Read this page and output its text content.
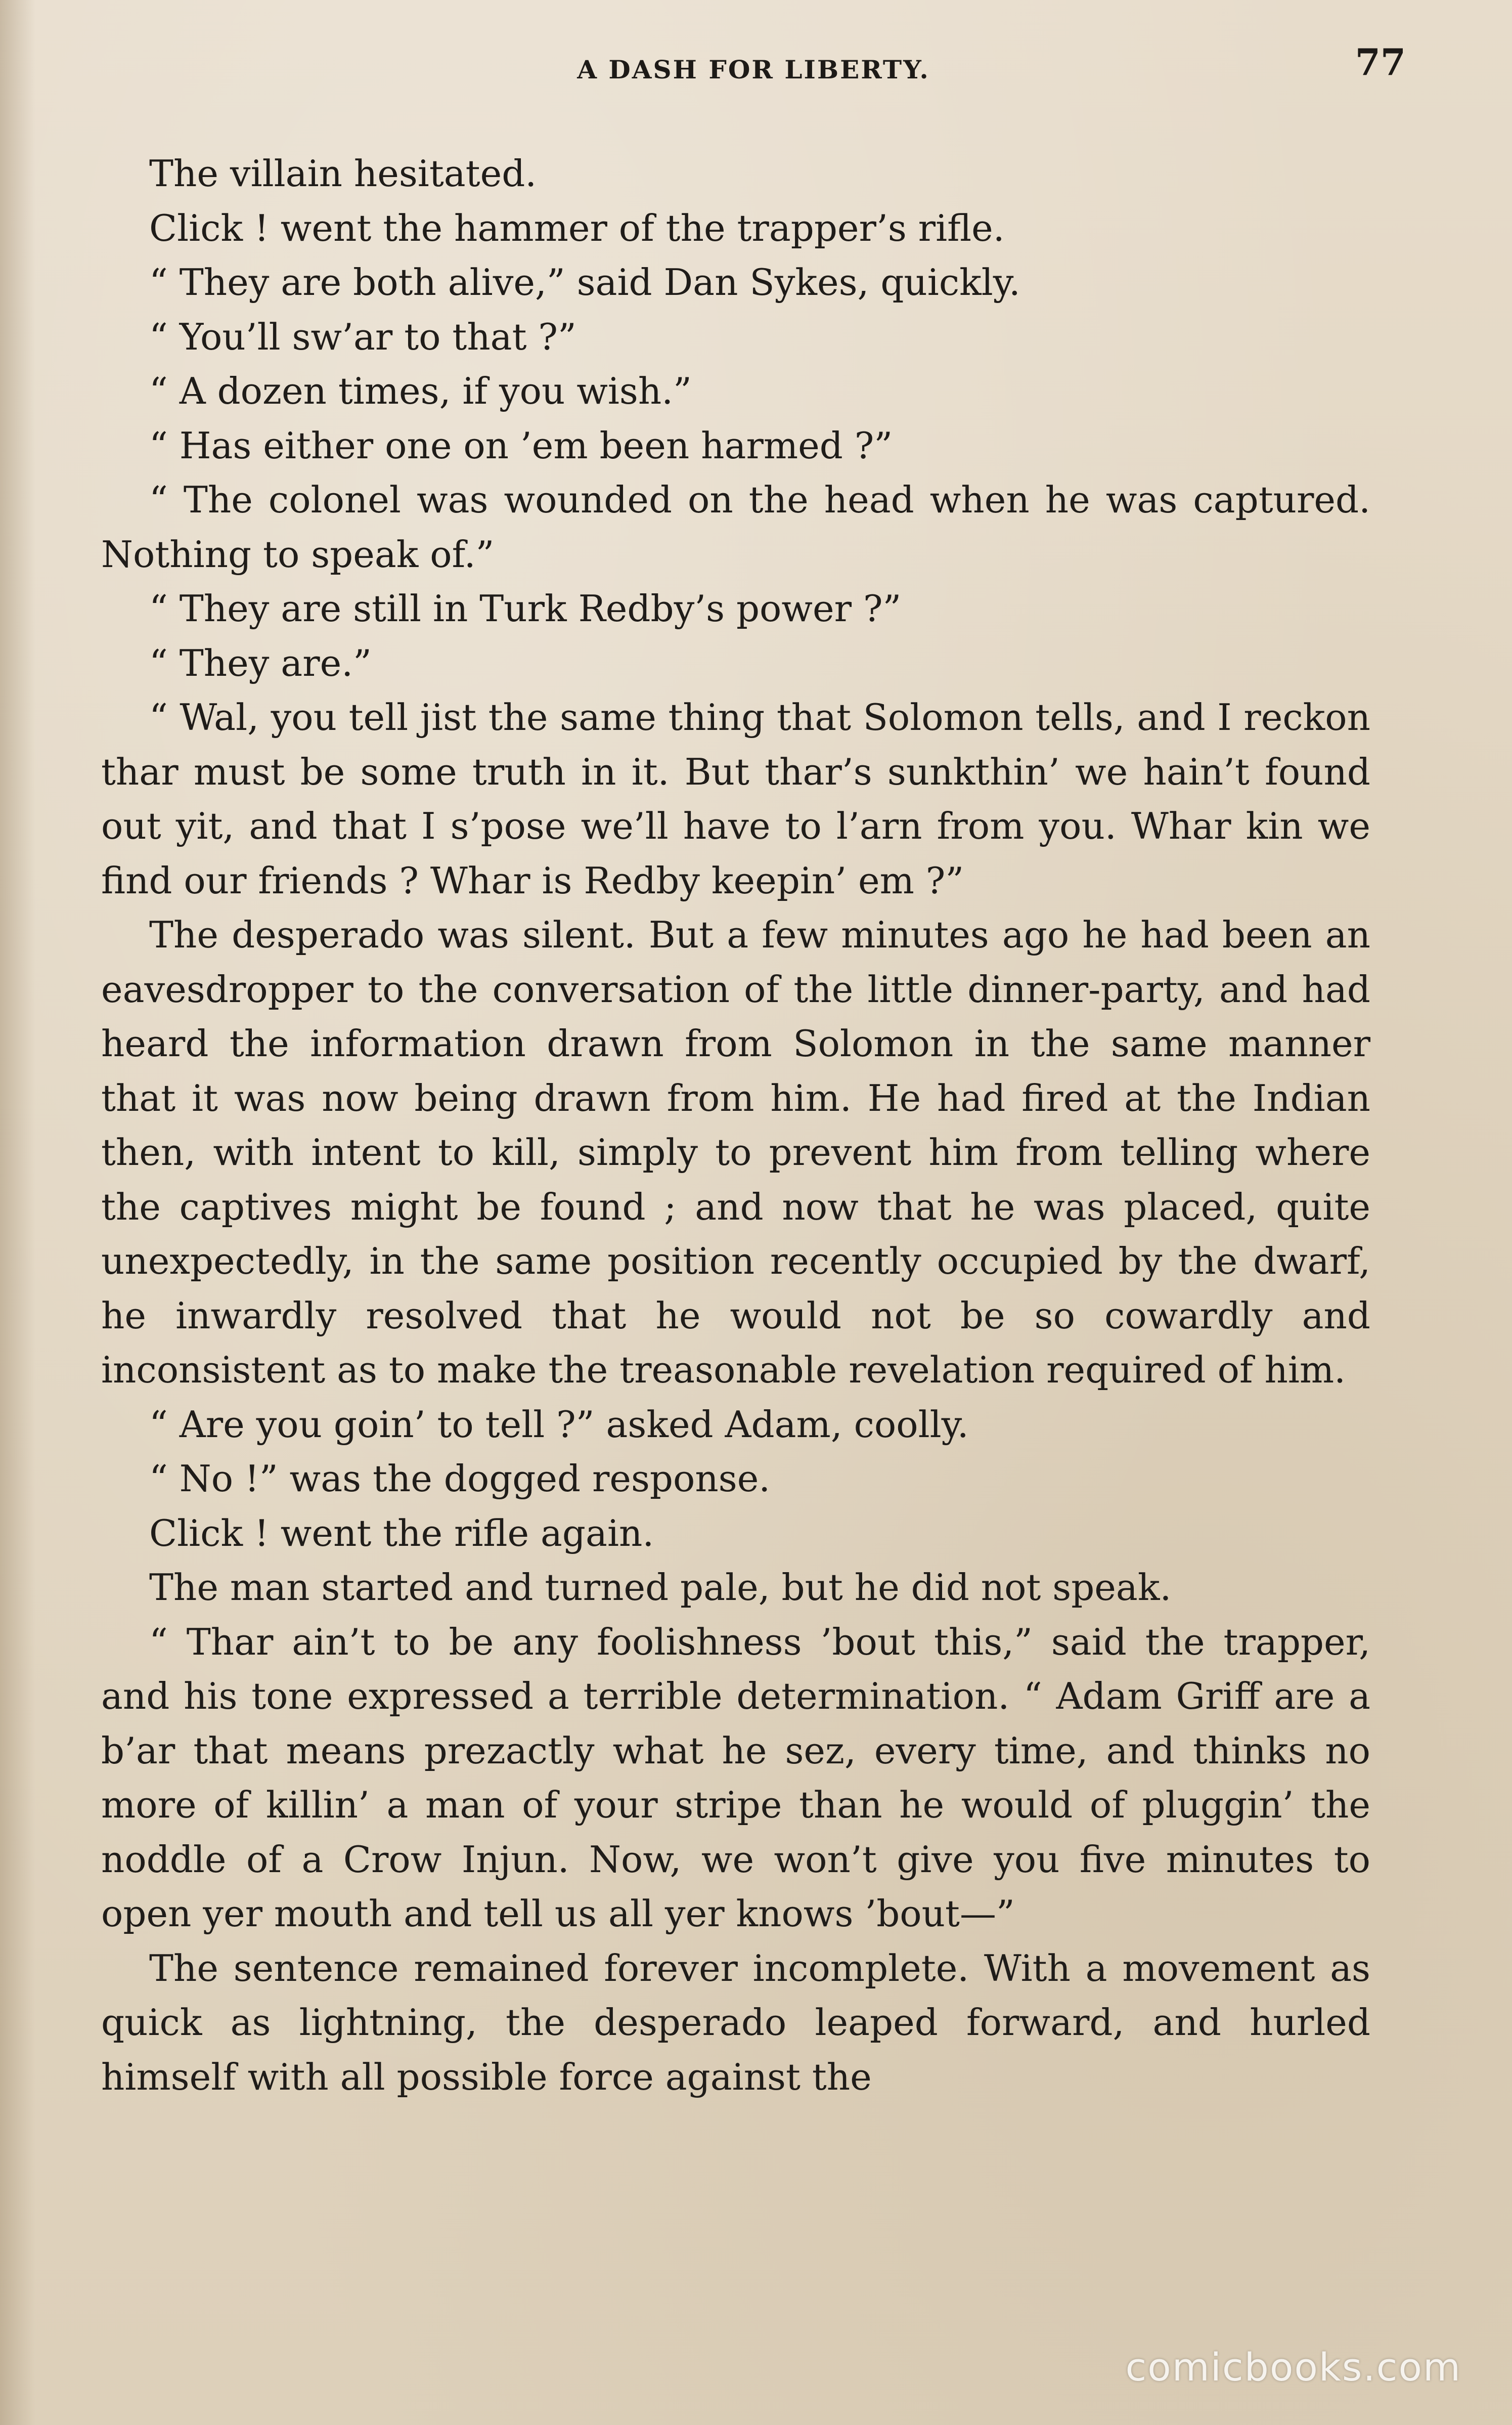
A DASH FOR LIBERTY.	77

The villain hesitated.

Click ! went the hammer of the trapper’s rifle.

“ They are both alive,” said Dan Sykes, quickly.

“ You’ll sw’ar to that ?”

“ A dozen times, if you wish.”

“ Has either one on ’em been harmed ?”

“ The colonel was wounded on the head when he was captured. Nothing to speak of.”

“ They are still in Turk Redby’s power ?”

“ They are.”

“ Wal, you tell jist the same thing that Solomon tells, and I reckon thar must be some truth in it. But thar’s sunkthin’ we hain’t found out yit, and that I s’pose we’ll have to l’arn from you. Whar kin we find our friends ? Whar is Redby keepin’ em ?”

The desperado was silent. But a few minutes ago he had been an eavesdropper to the conversation of the little dinner-party, and had heard the information drawn from Solomon in the same manner that it was now being drawn from him. He had fired at the Indian then, with intent to kill, simply to prevent him from telling where the captives might be found ; and now that he was placed, quite unexpectedly, in the same position recently occupied by the dwarf, he inwardly resolved that he would not be so cowardly and inconsistent as to make the treasonable revelation required of him.

“ Are you goin’ to tell ?” asked Adam, coolly.

“ No !” was the dogged response.

Click ! went the rifle again.

The man started and turned pale, but he did not speak.

“ Thar ain’t to be any foolishness ’bout this,” said the trapper, and his tone expressed a terrible determination. “ Adam Griff are a b’ar that means prezactly what he sez, every time, and thinks no more of killin’ a man of your stripe than he would of pluggin’ the noddle of a Crow Injun. Now, we won’t give you five minutes to open yer mouth and tell us all yer knows ’bout—”

The sentence remained forever incomplete. With a movement as quick as lightning, the desperado leaped forward, and hurled himself with all possible force against the

comicbooks.com
